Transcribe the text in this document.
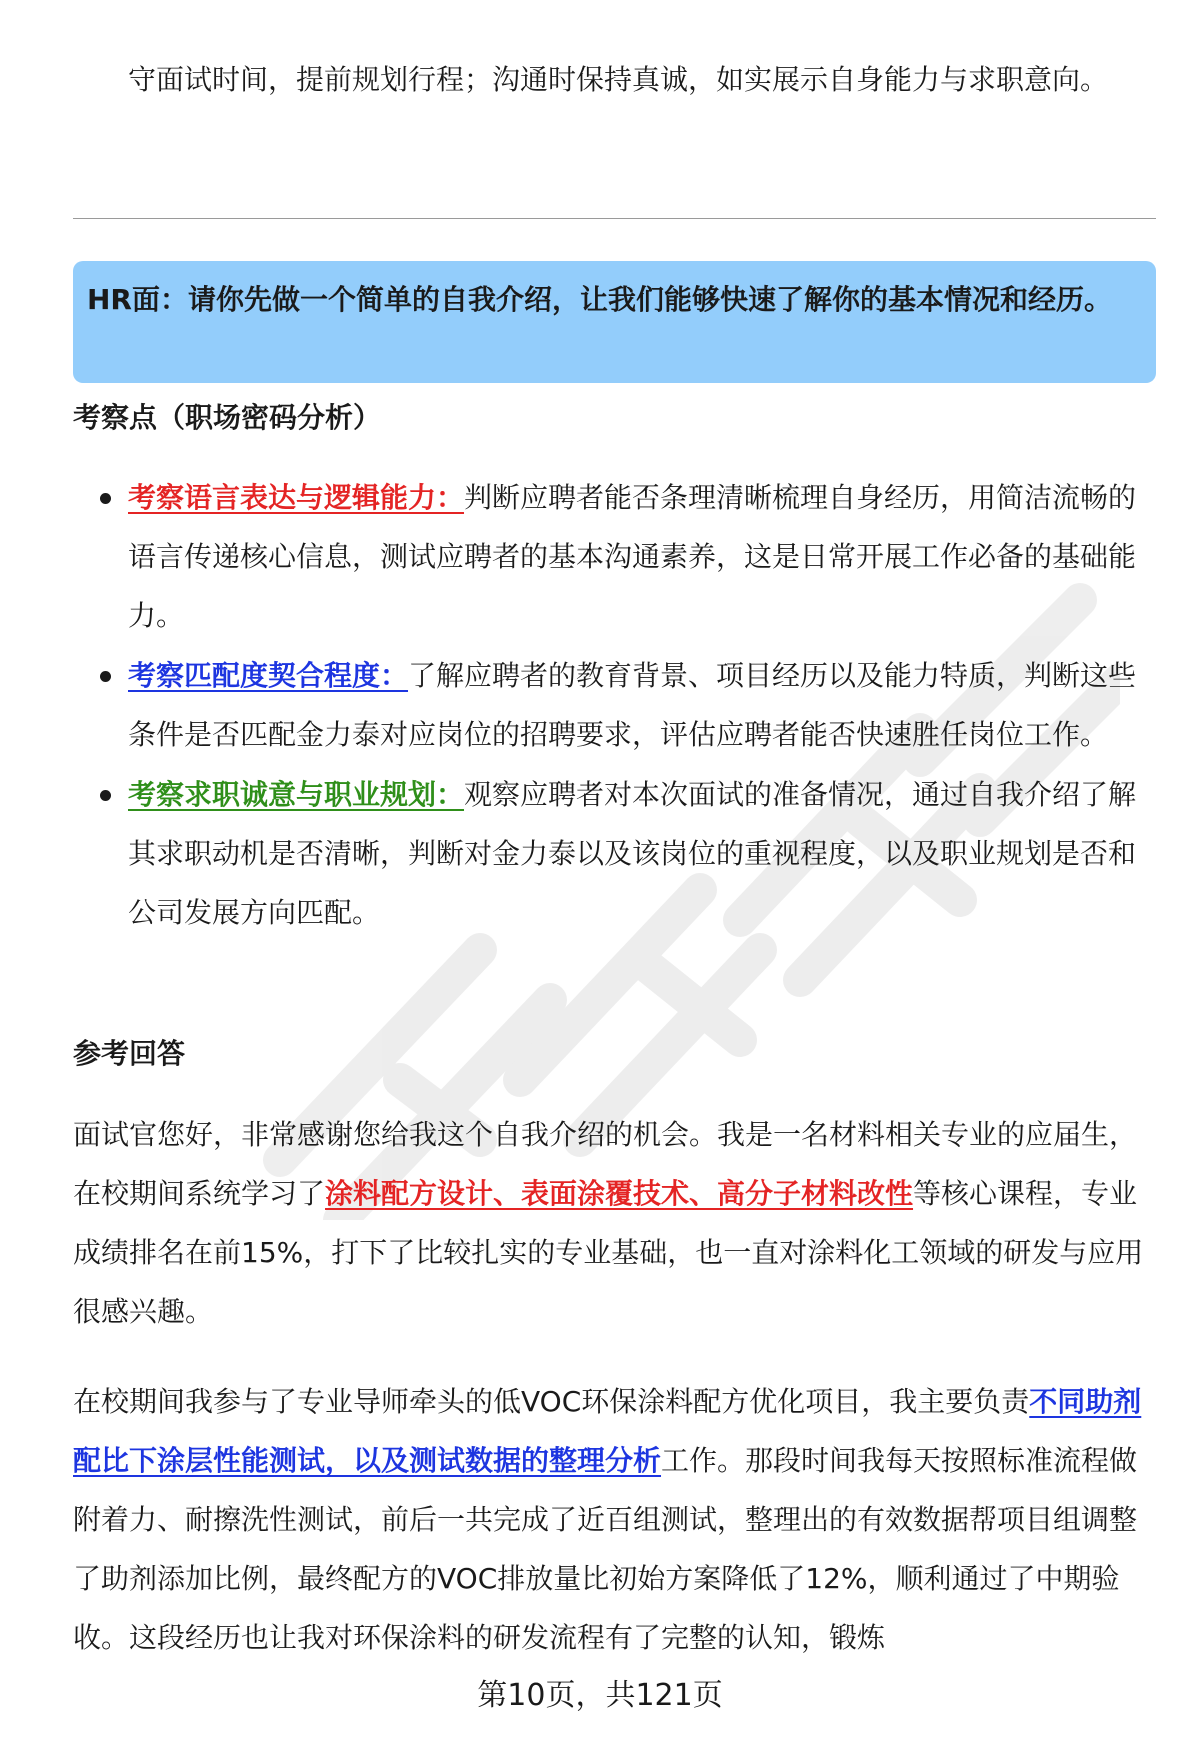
守面试时间，提前规划行程；沟通时保持真诚，如实展示自身能力与求职意向。

HR面：请你先做一个简单的自我介绍，让我们能够快速了解你的基本情况和经历。

考察点（职场密码分析）

考察语言表达与逻辑能力：判断应聘者能否条理清晰梳理自身经历，用简洁流畅的语言传递核心信息，测试应聘者的基本沟通素养，这是日常开展工作必备的基础能力。
考察匹配度契合程度：了解应聘者的教育背景、项目经历以及能力特质，判断这些条件是否匹配金力泰对应岗位的招聘要求，评估应聘者能否快速胜任岗位工作。
考察求职诚意与职业规划：观察应聘者对本次面试的准备情况，通过自我介绍了解其求职动机是否清晰，判断对金力泰以及该岗位的重视程度，以及职业规划是否和公司发展方向匹配。

参考回答

面试官您好，非常感谢您给我这个自我介绍的机会。我是一名材料相关专业的应届生，在校期间系统学习了涂料配方设计、表面涂覆技术、高分子材料改性等核心课程，专业成绩排名在前15%，打下了比较扎实的专业基础，也一直对涂料化工领域的研发与应用很感兴趣。

在校期间我参与了专业导师牵头的低VOC环保涂料配方优化项目，我主要负责不同助剂配比下涂层性能测试，以及测试数据的整理分析工作。那段时间我每天按照标准流程做附着力、耐擦洗性测试，前后一共完成了近百组测试，整理出的有效数据帮项目组调整了助剂添加比例，最终配方的VOC排放量比初始方案降低了12%，顺利通过了中期验收。这段经历也让我对环保涂料的研发流程有了完整的认知，锻炼

第10页，共121页
